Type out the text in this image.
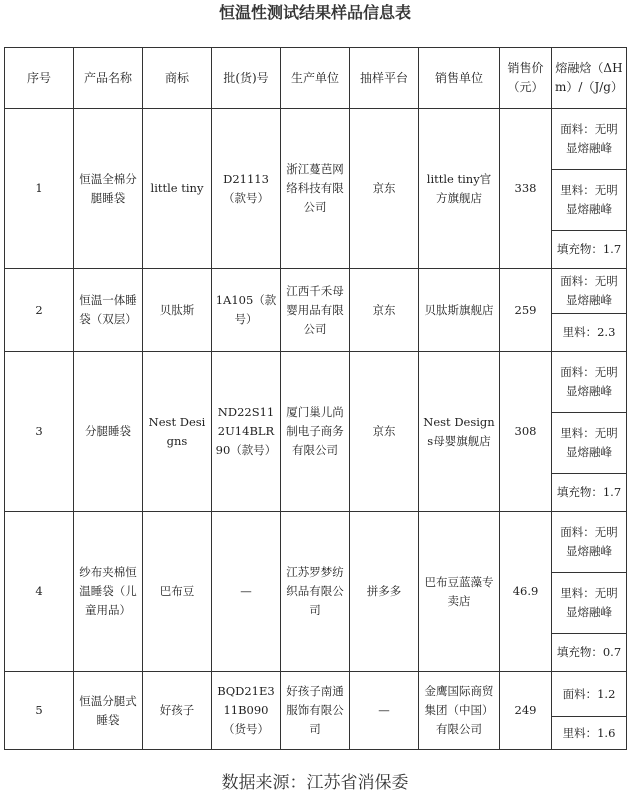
恒温性测试结果样品信息表
序号	产品名称	商标	批(货)号	生产单位	抽样平台	销售单位	销售价（元）	熔融焓（ΔHm）/（J/g）
1	恒温全棉分腿睡袋	little tiny	D21113（款号）	浙江蔓芭网络科技有限公司	京东	little tiny官方旗舰店	338	面料：无明显熔融峰
								里料：无明显熔融峰
								填充物：1.7
2	恒温一体睡袋（双层）	贝肽斯	1A105（款号）	江西千禾母婴用品有限公司	京东	贝肽斯旗舰店	259	面料：无明显熔融峰
								里料：2.3
3	分腿睡袋	Nest Designs	ND22S112U14BLR90（款号）	厦门巢儿尚制电子商务有限公司	京东	Nest Designs母婴旗舰店	308	面料：无明显熔融峰
								里料：无明显熔融峰
								填充物：1.7
4	纱布夹棉恒温睡袋（儿童用品）	巴布豆	—	江苏罗梦纺织品有限公司	拼多多	巴布豆蓝藻专卖店	46.9	面料：无明显熔融峰
								里料：无明显熔融峰
								填充物：0.7
5	恒温分腿式睡袋	好孩子	BQD21E311B090（货号）	好孩子南通服饰有限公司	—	金鹰国际商贸集团（中国）有限公司	249	面料：1.2
								里料：1.6
数据来源：江苏省消保委
